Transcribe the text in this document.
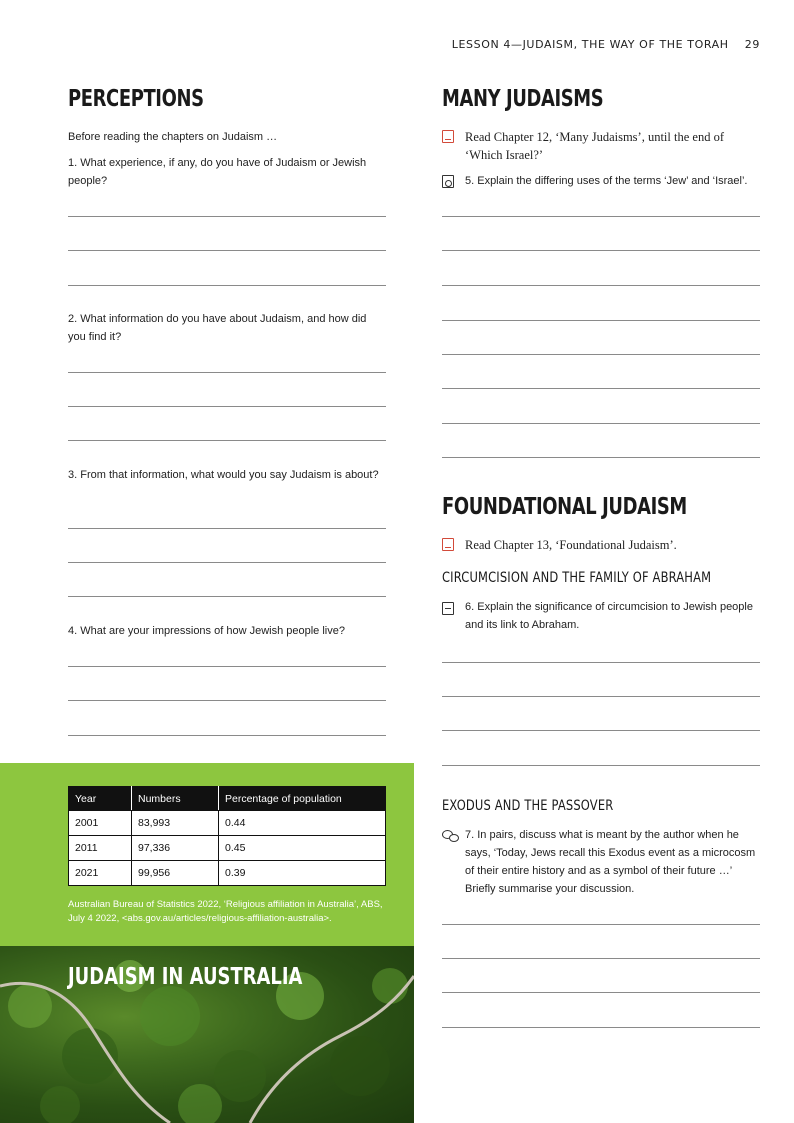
LESSON 4—JUDAISM, THE WAY OF THE TORAH 29
PERCEPTIONS
Before reading the chapters on Judaism …
1. What experience, if any, do you have of Judaism or Jewish people?
2. What information do you have about Judaism, and how did you find it?
3. From that information, what would you say Judaism is about?
4. What are your impressions of how Jewish people live?
MANY JUDAISMS
Read Chapter 12, ‘Many Judaisms’, until the end of ‘Which Israel?’
5. Explain the differing uses of the terms ‘Jew’ and ‘Israel’.
FOUNDATIONAL JUDAISM
Read Chapter 13, ‘Foundational Judaism’.
CIRCUMCISION AND THE FAMILY OF ABRAHAM
6. Explain the significance of circumcision to Jewish people and its link to Abraham.
EXODUS AND THE PASSOVER
7. In pairs, discuss what is meant by the author when he says, ‘Today, Jews recall this Exodus event as a microcosm of their entire history and as a symbol of their future …’ Briefly summarise your discussion.
Year	Numbers	Percentage of population
2001	83,993	0.44
2011	97,336	0.45
2021	99,956	0.39
Australian Bureau of Statistics 2022, ‘Religious affiliation in Australia’, ABS, July 4 2022, <abs.gov.au/articles/religious-affiliation-australia>.
JUDAISM IN AUSTRALIA
